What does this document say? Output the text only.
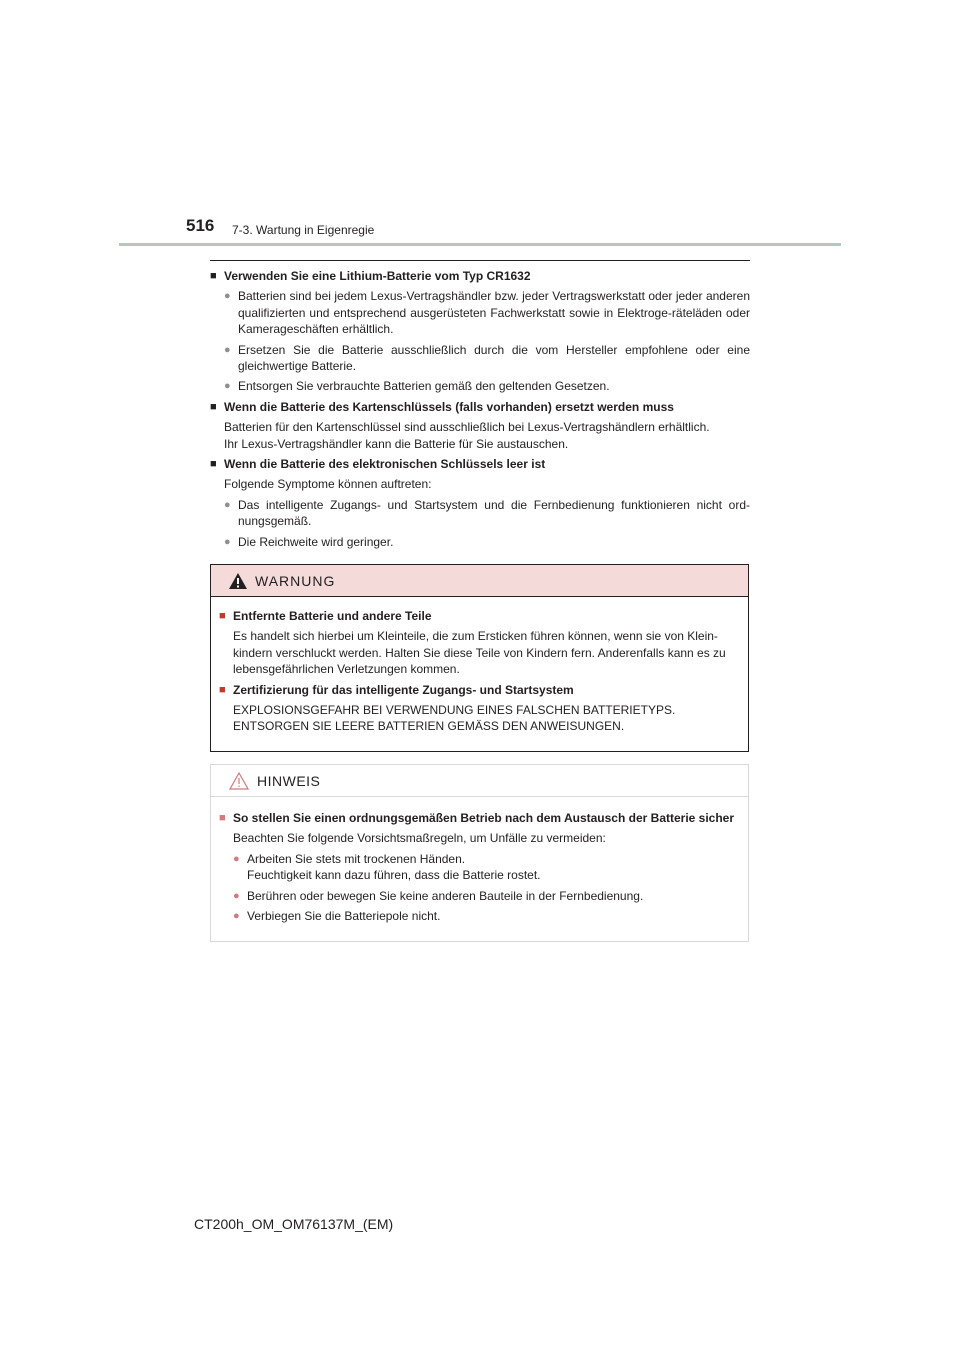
516 7-3. Wartung in Eigenregie
■ Verwenden Sie eine Lithium-Batterie vom Typ CR1632
● Batterien sind bei jedem Lexus-Vertragshändler bzw. jeder Vertragswerkstatt oder jeder anderen qualifizierten und entsprechend ausgerüsteten Fachwerkstatt sowie in Elektroge-räteläden oder Kamerageschäften erhältlich.
● Ersetzen Sie die Batterie ausschließlich durch die vom Hersteller empfohlene oder eine gleichwertige Batterie.
● Entsorgen Sie verbrauchte Batterien gemäß den geltenden Gesetzen.
■ Wenn die Batterie des Kartenschlüssels (falls vorhanden) ersetzt werden muss
Batterien für den Kartenschlüssel sind ausschließlich bei Lexus-Vertragshändlern erhältlich.
Ihr Lexus-Vertragshändler kann die Batterie für Sie austauschen.
■ Wenn die Batterie des elektronischen Schlüssels leer ist
Folgende Symptome können auftreten:
● Das intelligente Zugangs- und Startsystem und die Fernbedienung funktionieren nicht ord-nungsgemäß.
● Die Reichweite wird geringer.
WARNUNG
■ Entfernte Batterie und andere Teile
Es handelt sich hierbei um Kleinteile, die zum Ersticken führen können, wenn sie von Klein-kindern verschluckt werden. Halten Sie diese Teile von Kindern fern. Anderenfalls kann es zu lebensgefährlichen Verletzungen kommen.
■ Zertifizierung für das intelligente Zugangs- und Startsystem
EXPLOSIONSGEFAHR BEI VERWENDUNG EINES FALSCHEN BATTERIETYPS.
ENTSORGEN SIE LEERE BATTERIEN GEMÄSS DEN ANWEISUNGEN.
HINWEIS
■ So stellen Sie einen ordnungsgemäßen Betrieb nach dem Austausch der Batterie sicher
Beachten Sie folgende Vorsichtsmaßregeln, um Unfälle zu vermeiden:
● Arbeiten Sie stets mit trockenen Händen.
Feuchtigkeit kann dazu führen, dass die Batterie rostet.
● Berühren oder bewegen Sie keine anderen Bauteile in der Fernbedienung.
● Verbiegen Sie die Batteriepole nicht.
CT200h_OM_OM76137M_(EM)
